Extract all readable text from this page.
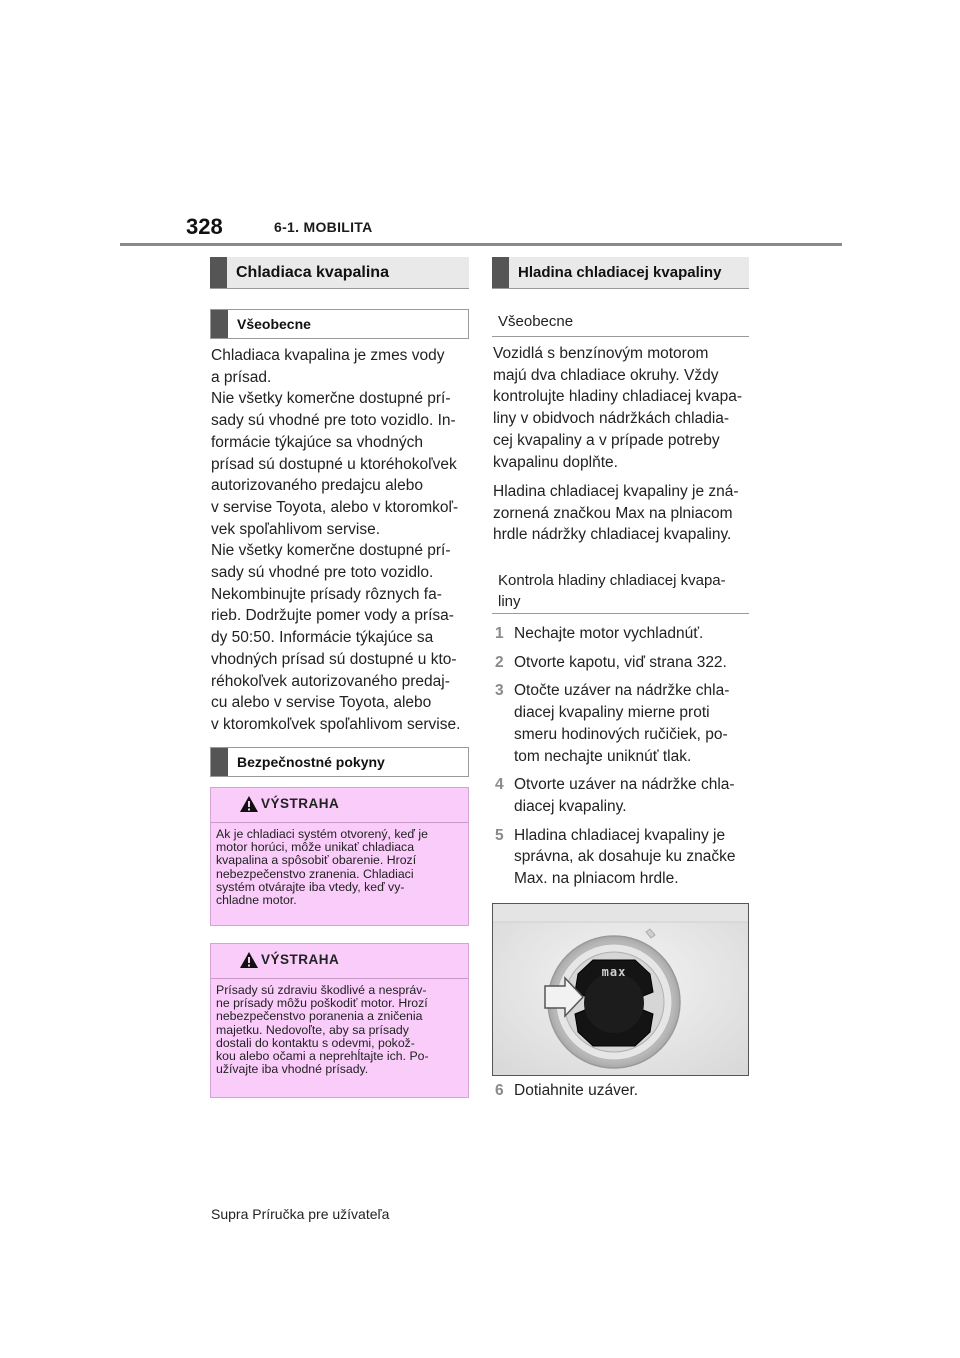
328	6-1. MOBILITA
Chladiaca kvapalina
Všeobecne
Chladiaca kvapalina je zmes vody
a prísad.
Nie všetky komerčne dostupné prí-
sady sú vhodné pre toto vozidlo. In-
formácie týkajúce sa vhodných
prísad sú dostupné u ktoréhokoľvek
autorizovaného predajcu alebo
v servise Toyota, alebo v ktoromkoľ-
vek spoľahlivom servise.
Nie všetky komerčne dostupné prí-
sady sú vhodné pre toto vozidlo.
Nekombinujte prísady rôznych fa-
rieb. Dodržujte pomer vody a prísa-
dy 50:50. Informácie týkajúce sa
vhodných prísad sú dostupné u kto-
réhokoľvek autorizovaného predaj-
cu alebo v servise Toyota, alebo
v ktoromkoľvek spoľahlivom servise.
Bezpečnostné pokyny
VÝSTRAHA
Ak je chladiaci systém otvorený, keď je
motor horúci, môže unikať chladiaca
kvapalina a spôsobiť obarenie. Hrozí
nebezpečenstvo zranenia. Chladiaci
systém otvárajte iba vtedy, keď vy-
chladne motor.
VÝSTRAHA
Prísady sú zdraviu škodlivé a nespráv-
ne prísady môžu poškodiť motor. Hrozí
nebezpečenstvo poranenia a zničenia
majetku. Nedovoľte, aby sa prísady
dostali do kontaktu s odevmi, pokož-
kou alebo očami a neprehĺtajte ich. Po-
užívajte iba vhodné prísady.
Hladina chladiacej kvapaliny
Všeobecne
Vozidlá s benzínovým motorom
majú dva chladiace okruhy. Vždy
kontrolujte hladiny chladiacej kvapa-
liny v obidvoch nádržkách chladia-
cej kvapaliny a v prípade potreby
kvapalinu doplňte.
Hladina chladiacej kvapaliny je zná-
zornená značkou Max na plniacom
hrdle nádržky chladiacej kvapaliny.
Kontrola hladiny chladiacej kvapa-
liny
1 Nechajte motor vychladnúť.
2 Otvorte kapotu, viď strana 322.
3 Otočte uzáver na nádržke chla-
diacej kvapaliny mierne proti
smeru hodinových ručičiek, po-
tom nechajte uniknúť tlak.
4 Otvorte uzáver na nádržke chla-
diacej kvapaliny.
5 Hladina chladiacej kvapaliny je
správna, ak dosahuje ku značke
Max. na plniacom hrdle.
max
6 Dotiahnite uzáver.
Supra Príručka pre užívateľa
